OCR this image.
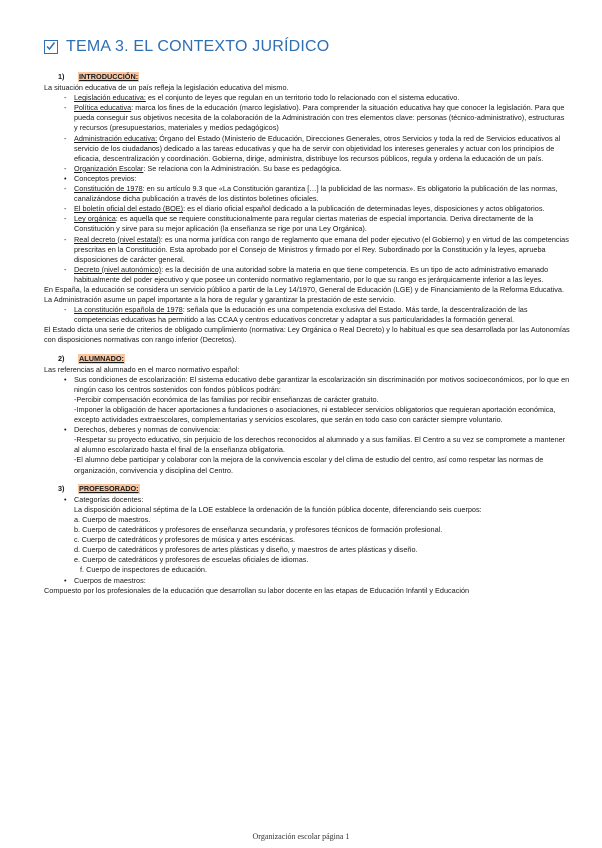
TEMA 3. EL CONTEXTO JURÍDICO
1)	INTRODUCCIÓN:

La situación educativa de un país refleja la legislación educativa del mismo.

- Legislación educativa: es el conjunto de leyes que regulan en un territorio todo lo relacionado con el sistema educativo.
- Política educativa: marca los fines de la educación (marco legislativo). Para comprender la situación educativa hay que conocer la legislación. Para que pueda conseguir sus objetivos necesita de la colaboración de la Administración con tres elementos clave: personas (técnico-administrativo), estructuras y recursos (presupuestarios, materiales y medios pedagógicos)
- Administración educativa: Órgano del Estado (Ministerio de Educación, Direcciones Generales, otros Servicios y toda la red de Servicios educativos al servicio de los ciudadanos) dedicado a las tareas educativas y que ha de servir con objetividad los intereses generales y actuar con los principios de eficacia, descentralización y coordinación. Gobierna, dirige, administra, distribuye los recursos públicos, regula y ordena la educación de un país.
- Organización Escolar: Se relaciona con la Administración. Su base es pedagógica.
• Conceptos previos:
- Constitución de 1978: en su artículo 9.3 que «La Constitución garantiza […] la publicidad de las normas». Es obligatorio la publicación de las normas, canalizándose dicha publicación a través de los distintos boletines oficiales.
- El boletín oficial del estado (BOE): es el diario oficial español dedicado a la publicación de determinadas leyes, disposiciones y actos obligatorios.
- Ley orgánica: es aquella que se requiere constitucionalmente para regular ciertas materias de especial importancia. Deriva directamente de la Constitución y sirve para su mejor aplicación (la enseñanza se rige por una Ley Orgánica).
- Real decreto (nivel estatal): es una norma jurídica con rango de reglamento que emana del poder ejecutivo (el Gobierno) y en virtud de las competencias prescritas en la Constitución. Esta aprobado por el Consejo de Ministros y firmado por el Rey. Subordinado por la Constitución y la leyes, aprueba disposiciones de carácter general.
- Decreto (nivel autonómico): es la decisión de una autoridad sobre la materia en que tiene competencia. Es un tipo de acto administrativo emanado habitualmente del poder ejecutivo y que posee un contenido normativo reglamentario, por lo que su rango es jerárquicamente inferior a las leyes.

En España, la educación se considera un servicio público a partir de la Ley 14/1970, General de Educación (LGE) y de Financiamiento de la Reforma Educativa. La Administración asume un papel importante a la hora de regular y garantizar la prestación de este servicio.

- La constitución española de 1978: señala que la educación es una competencia exclusiva del Estado. Más tarde, la descentralización de las competencias educativas ha permitido a las CCAA y centros educativos concretar y adaptar a sus particularidades la formación general.

El Estado dicta una serie de criterios de obligado cumplimiento (normativa: Ley Orgánica o Real Decreto) y lo habitual es que sea desarrollada por las Autonomías con disposiciones normativas con rango inferior (Decretos).

2)	ALUMNADO:

Las referencias al alumnado en el marco normativo español:

• Sus condiciones de escolarización: El sistema educativo debe garantizar la escolarización sin discriminación por motivos socioeconómicos, por lo que en ningún caso los centros sostenidos con fondos públicos podrán:
-Percibir compensación económica de las familias por recibir enseñanzas de carácter gratuito.
-Imponer la obligación de hacer aportaciones a fundaciones o asociaciones, ni establecer servicios obligatorios que requieran aportación económica, excepto actividades extraescolares, complementarias y servicios escolares, que serán en todo caso con carácter siempre voluntario.
• Derechos, deberes y normas de convivencia:
-Respetar su proyecto educativo, sin perjuicio de los derechos reconocidos al alumnado y a sus familias. El Centro a su vez se compromete a mantener al alumno escolarizado hasta el final de la enseñanza obligatoria.
-El alumno debe participar y colaborar con la mejora de la convivencia escolar y del clima de estudio del centro, así como respetar las normas de organización, convivencia y disciplina del Centro.
3)	PROFESORADO:
• Categorías docentes:
La disposición adicional séptima de la LOE establece la ordenación de la función pública docente, diferenciando seis cuerpos:
a. Cuerpo de maestros.
b. Cuerpo de catedráticos y profesores de enseñanza secundaria, y profesores técnicos de formación profesional.
c. Cuerpo de catedráticos y profesores de música y artes escénicas.
d. Cuerpo de catedráticos y profesores de artes plásticas y diseño, y maestros de artes plásticas y diseño.
e. Cuerpo de catedráticos y profesores de escuelas oficiales de idiomas.
f. Cuerpo de inspectores de educación.
• Cuerpos de maestros:

Compuesto por los profesionales de la educación que desarrollan su labor docente en las etapas de Educación Infantil y Educación

Organización escolar página 1
